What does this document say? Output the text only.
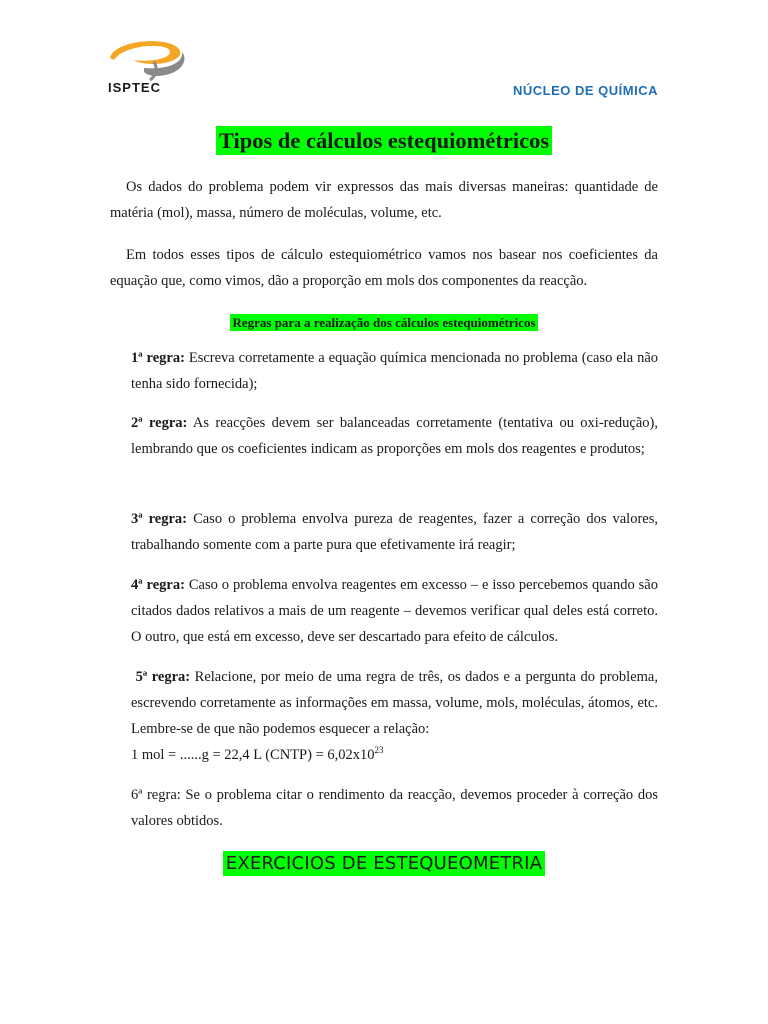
ISPTEC	NÚCLEO DE QUÍMICA
Tipos de cálculos estequiométricos
Os dados do problema podem vir expressos das mais diversas maneiras: quantidade de matéria (mol), massa, número de moléculas, volume, etc.
Em todos esses tipos de cálculo estequiométrico vamos nos basear nos coeficientes da equação que, como vimos, dão a proporção em mols dos componentes da reacção.
Regras para a realização dos cálculos estequiométricos
1ª regra: Escreva corretamente a equação química mencionada no problema (caso ela não tenha sido fornecida);
2ª regra: As reacções devem ser balanceadas corretamente (tentativa ou oxi-redução), lembrando que os coeficientes indicam as proporções em mols dos reagentes e produtos;
3ª regra: Caso o problema envolva pureza de reagentes, fazer a correção dos valores, trabalhando somente com a parte pura que efetivamente irá reagir;
4ª regra: Caso o problema envolva reagentes em excesso – e isso percebemos quando são citados dados relativos a mais de um reagente – devemos verificar qual deles está correto. O outro, que está em excesso, deve ser descartado para efeito de cálculos.
5ª regra: Relacione, por meio de uma regra de três, os dados e a pergunta do problema, escrevendo corretamente as informações em massa, volume, mols, moléculas, átomos, etc. Lembre-se de que não podemos esquecer a relação:
1 mol = ......g = 22,4 L (CNTP) = $6,02x10^{23}$
6ª regra: Se o problema citar o rendimento da reacção, devemos proceder à correção dos valores obtidos.
EXERCICIOS DE ESTEQUEOMETRIA
